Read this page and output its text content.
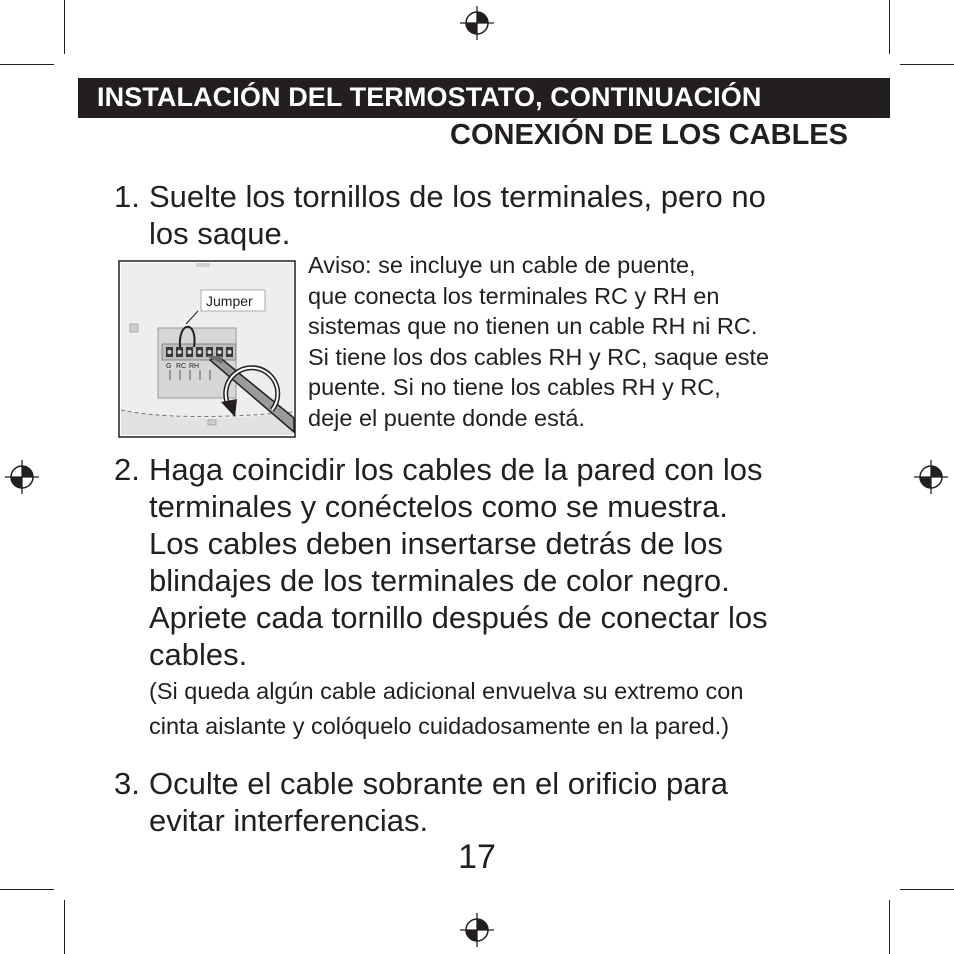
INSTALACIÓN DEL TERMOSTATO, CONTINUACIÓN
CONEXIÓN DE LOS CABLES
1. Suelte los tornillos de los terminales, pero no
los saque.
G RC RH
Jumper
Aviso: se incluye un cable de puente,
que conecta los terminales RC y RH en
sistemas que no tienen un cable RH ni RC.
Si tiene los dos cables RH y RC, saque este
puente. Si no tiene los cables RH y RC,
deje el puente donde está.
2. Haga coincidir los cables de la pared con los
terminales y conéctelos como se muestra.
Los cables deben insertarse detrás de los
blindajes de los terminales de color negro.
Apriete cada tornillo después de conectar los
cables.
(Si queda algún cable adicional envuelva su extremo con
cinta aislante y colóquelo cuidadosamente en la pared.)
3. Oculte el cable sobrante en el orificio para
evitar interferencias.
17
